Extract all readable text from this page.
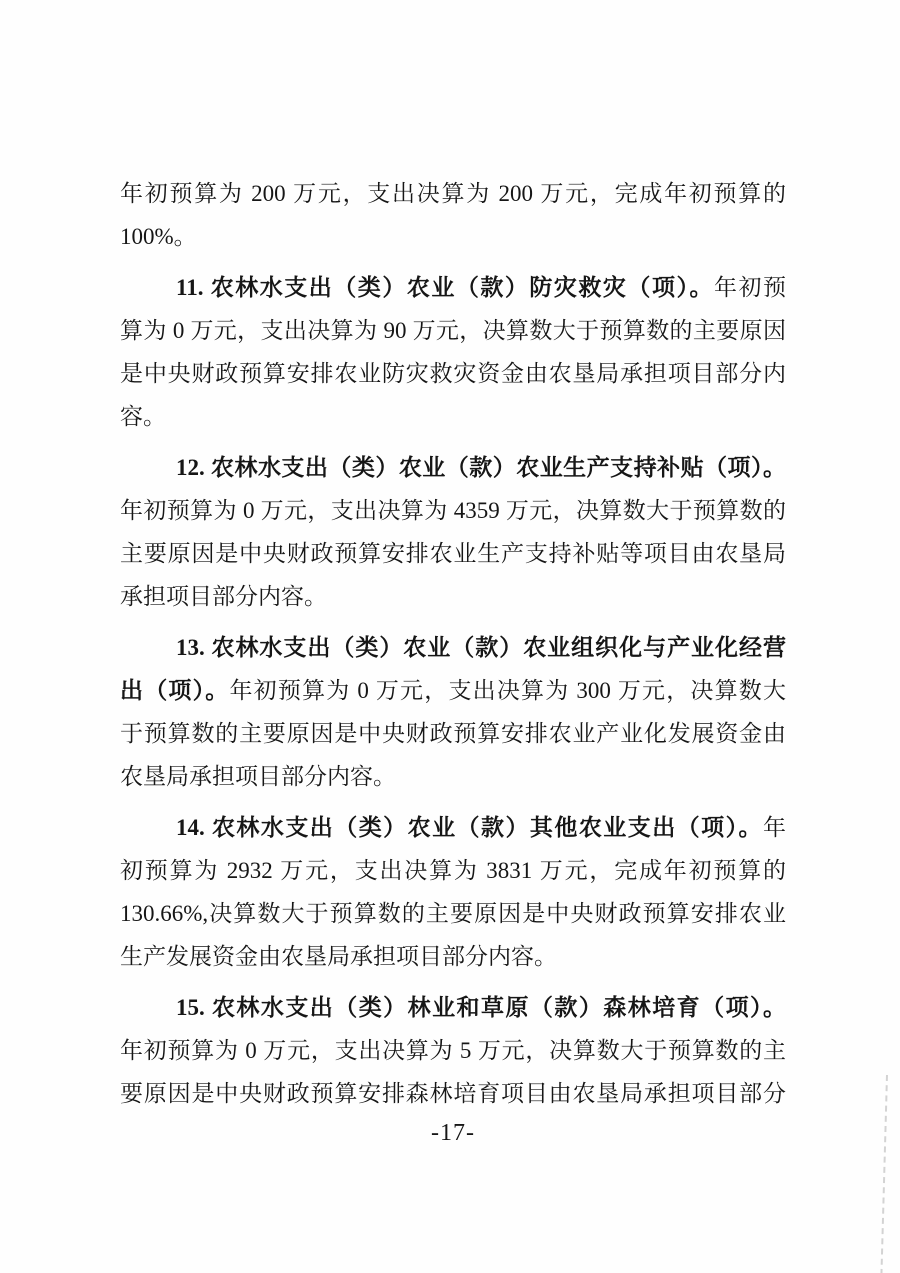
年初预算为 200 万元，支出决算为 200 万元，完成年初预算的
100%。
11. 农林水支出（类）农业（款）防灾救灾（项）。年初预
算为 0 万元，支出决算为 90 万元，决算数大于预算数的主要原因
是中央财政预算安排农业防灾救灾资金由农垦局承担项目部分内
容。
12. 农林水支出（类）农业（款）农业生产支持补贴（项）。
年初预算为 0 万元，支出决算为 4359 万元，决算数大于预算数的
主要原因是中央财政预算安排农业生产支持补贴等项目由农垦局
承担项目部分内容。
13. 农林水支出（类）农业（款）农业组织化与产业化经营
出（项）。年初预算为 0 万元，支出决算为 300 万元，决算数大
于预算数的主要原因是中央财政预算安排农业产业化发展资金由
农垦局承担项目部分内容。
14. 农林水支出（类）农业（款）其他农业支出（项）。年
初预算为 2932 万元，支出决算为 3831 万元，完成年初预算的
130.66%,决算数大于预算数的主要原因是中央财政预算安排农业
生产发展资金由农垦局承担项目部分内容。
15. 农林水支出（类）林业和草原（款）森林培育（项）。
年初预算为 0 万元，支出决算为 5 万元，决算数大于预算数的主
要原因是中央财政预算安排森林培育项目由农垦局承担项目部分
-17-
